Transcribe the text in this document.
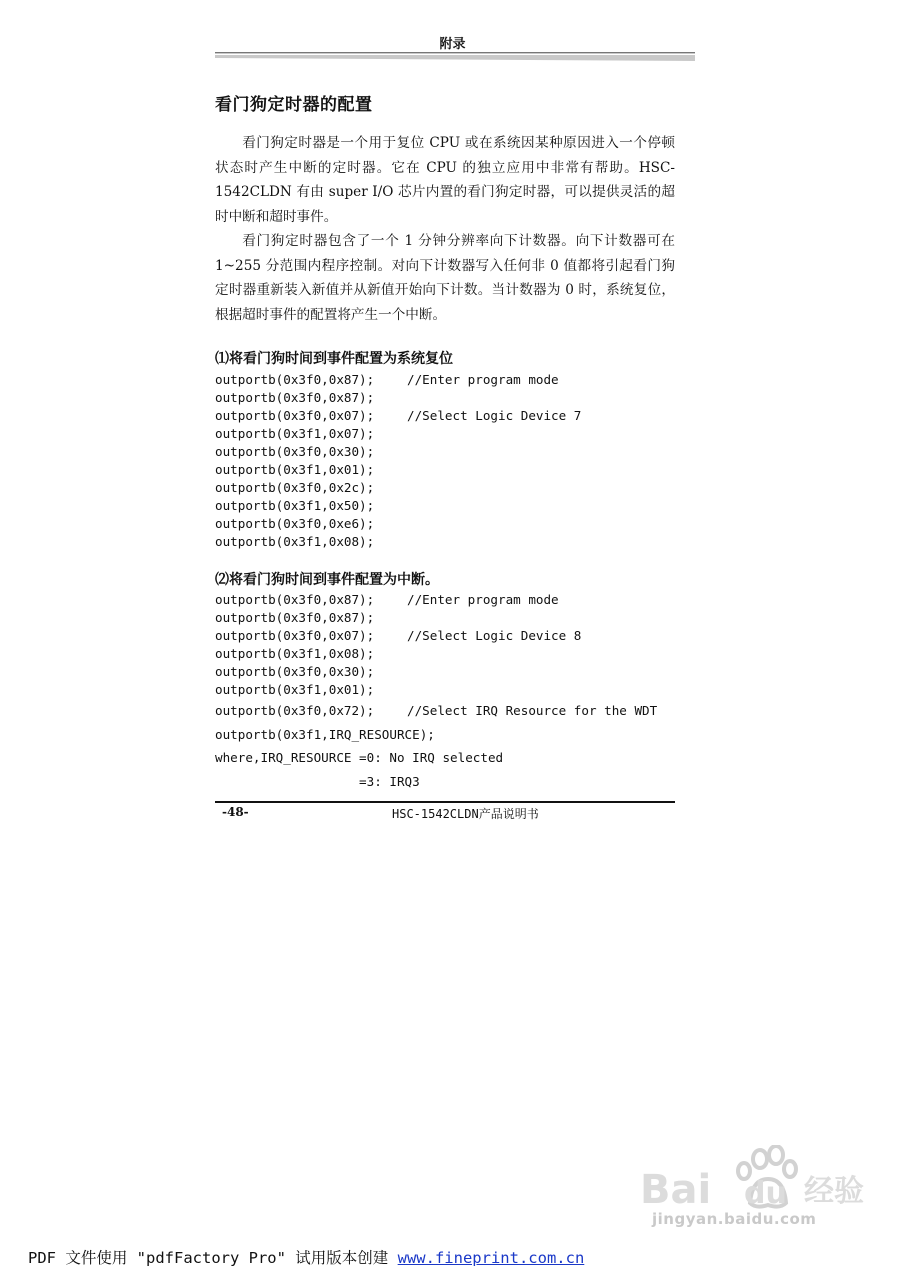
附录
看门狗定时器的配置

看门狗定时器是一个用于复位 CPU 或在系统因某种原因进入一个停顿状态时产生中断的定时器。它在 CPU 的独立应用中非常有帮助。HSC-1542CLDN 有由 super I/O 芯片内置的看门狗定时器，可以提供灵活的超时中断和超时事件。

看门狗定时器包含了一个 1 分钟分辨率向下计数器。向下计数器可在 1~255 分范围内程序控制。对向下计数器写入任何非 0 值都将引起看门狗定时器重新装入新值并从新值开始向下计数。当计数器为 0 时，系统复位，根据超时事件的配置将产生一个中断。

⑴将看门狗时间到事件配置为系统复位
outportb(0x3f0,0x87);	//Enter program mode
outportb(0x3f0,0x87);
outportb(0x3f0,0x07);	//Select Logic Device 7
outportb(0x3f1,0x07);
outportb(0x3f0,0x30);
outportb(0x3f1,0x01);
outportb(0x3f0,0x2c);
outportb(0x3f1,0x50);
outportb(0x3f0,0xe6);
outportb(0x3f1,0x08);
⑵将看门狗时间到事件配置为中断。
outportb(0x3f0,0x87);	//Enter program mode
outportb(0x3f0,0x87);
outportb(0x3f0,0x07);	//Select Logic Device 8
outportb(0x3f1,0x08);
outportb(0x3f0,0x30);
outportb(0x3f1,0x01);
outportb(0x3f0,0x72);	//Select IRQ Resource for the WDT
outportb(0x3f1,IRQ_RESOURCE);
where,IRQ_RESOURCE =0: No IRQ selected
=3: IRQ3
-48-	HSC-1542CLDN产品说明书
Bai du 经验
jingyan.baidu.com
PDF 文件使用 "pdfFactory Pro" 试用版本创建 www.fineprint.com.cn
